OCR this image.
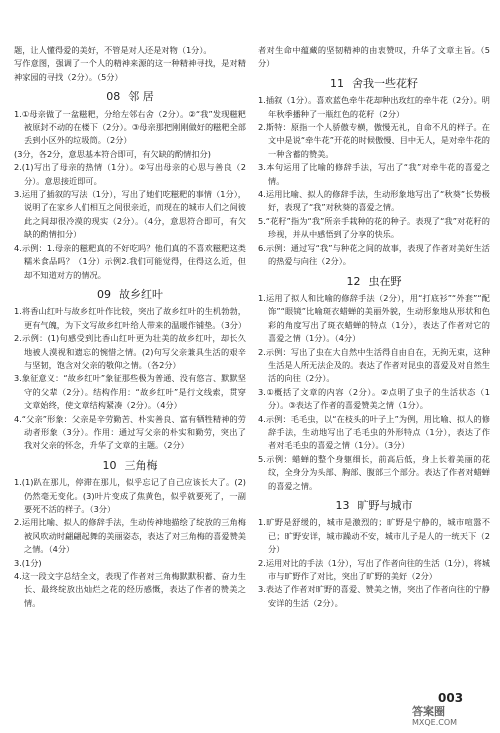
题，让人懂得爱的美好，不管是对人还是对物（1分）。

写作意图，强调了一个人的精神来源的这一种精神寻找，是对精神家园的寻找（2分）。（5分）

08 邻 居

1.①母亲做了一盆糍粑，分给左邻右舍（2分）。②“我”发现糍粑被原封不动的在楼下（2分）。③母亲那把刚刚做好的糍粑全部丢到小区外的垃圾筒。（2分）

(3分，各2分，意思基本符合即可，有欠缺的酌情扣分)

2.(1)写出了母亲的热情（1分）。②写出母亲的心思与善良（2分）。意思接近即可。

3.运用了插叙的写法（1分），写出了她们吃糍粑的事情（1分），说明了在家乡人们相互之间很亲近，而现在的城市人们之间彼此之间却很冷漠的现实（2分）。（4分，意思符合即可，有欠缺的酌情扣分）

4.示例：1.母亲的糍粑真的不好吃吗？他们真的不喜欢糍粑这类糯米食品吗？（1分）示例2.我们可能觉得，住得这么近，但却不知道对方的情况。

09 故乡红叶

1.将香山红叶与故乡红叶作比较，突出了故乡红叶的生机勃勃，更有气魄，为下文写故乡红叶给人带来的温暖作铺垫。（3分）

2.示例：(1)句感受到比香山红叶更为壮美的故乡红叶，却长久地被人漠视和遗忘的惋惜之情。(2)句写父亲兼具生活的艰辛与坚韧，饱含对父亲的敬仰之情。（各2分）

3.象征意义：“故乡红叶”象征那些极为普通、没有悠言、默默坚守的父辈（2分）。结构作用：“故乡红叶”是行文线索，贯穿文章始终，使文章结构紧凑（2分）。（4分）

4.“父亲”形象：父亲是辛劳勤苦、朴实善良、富有牺牲精神的劳动者形象（3分）。作用：通过写父亲的朴实和勤劳，突出了我对父亲的怀念，升华了文章的主题。（2分）

10 三角梅

1.(1)趴在那儿，停滞在那儿，似乎忘记了自己应该长大了。(2)仍然毫无变化。(3)叶片变成了焦黄色，似乎就要死了，一副要死不活的样子。（3分）

2.运用比喻、拟人的修辞手法，生动传神地描绘了绽放的三角梅被风吹动时翩翩起舞的美丽姿态，表达了对三角梅的喜爱赞美之情。（4分）

3.(1分)

4.这一段文字总结全文，表现了作者对三角梅默默积蓄、奋力生长、最终绽放出灿烂之花的经历感慨，表达了作者的赞美之情。

者对生命中蕴藏的坚韧精神的由衷赞叹，升华了文章主旨。（5分）

11 舍我一些花籽

1.插叙（1分）。喜欢蓝色牵牛花却种出玫红的牵牛花（2分）。明年秋季播种了一瓶红色的花籽（2分）

2.斯特：原指一个人骄傲专横，傲慢无礼，自命不凡的样子。在文中是说“牵牛花”开花的时候傲慢、目中无人，是对牵牛花的一种含蓄的赞美。

3.本句运用了比喻的修辞手法，写出了“我”对牵牛花的喜爱之情。

4.运用比喻、拟人的修辞手法，生动形象地写出了“秋葵”长势极好，表现了“我”对秋葵的喜爱之情。

5.“花籽”指为“我”所亲手栽种的花的种子。表现了“我”对花籽的珍视，并从中感悟到了分享的快乐。

6.示例：通过写“我”与种花之间的故事，表现了作者对美好生活的热爱与向往（2分）。

12 虫在野

1.运用了拟人和比喻的修辞手法（2分），用“打底衫”“外套”“配饰”“眼镜”比喻斑衣蜡蝉的美丽外貌，生动形象地从形状和色彩的角度写出了斑衣蜡蝉的特点（1分），表达了作者对它的喜爱之情（1分）。（4分）

2.示例：写出了虫在大自然中生活得自由自在，无拘无束，这种生活是人所无法企及的。表达了作者对昆虫的喜爱及对自然生活的向往（2分）。

3.①概括了文章的内容（2分）。②点明了虫子的生活状态（1分）。③表达了作者的喜爱赞美之情（1分）。

4.示例：毛毛虫，以“在枝头的叶子上”为例，用比喻、拟人的修辞手法，生动地写出了毛毛虫的外形特点（1分），表达了作者对毛毛虫的喜爱之情（1分）。（3分）

5.示例：蜡蝉的整个身躯细长，前高后低，身上长着美丽的花纹，全身分为头部、胸部、腹部三个部分。表达了作者对蜡蝉的喜爱之情。

13 旷野与城市

1.旷野是舒缓的，城市是激烈的；旷野是宁静的，城市喧嚣不已；旷野安详，城市躁动不安，城市儿子是人的一统天下（2分）

2.运用对比的手法（1分），写出了作者向往的生活（1分），将城市与旷野作了对比，突出了旷野的美好（2分）

3.表达了作者对旷野的喜爱、赞美之情，突出了作者向往的宁静安详的生活（2分）。

003
答案圈
MXQE.COM
